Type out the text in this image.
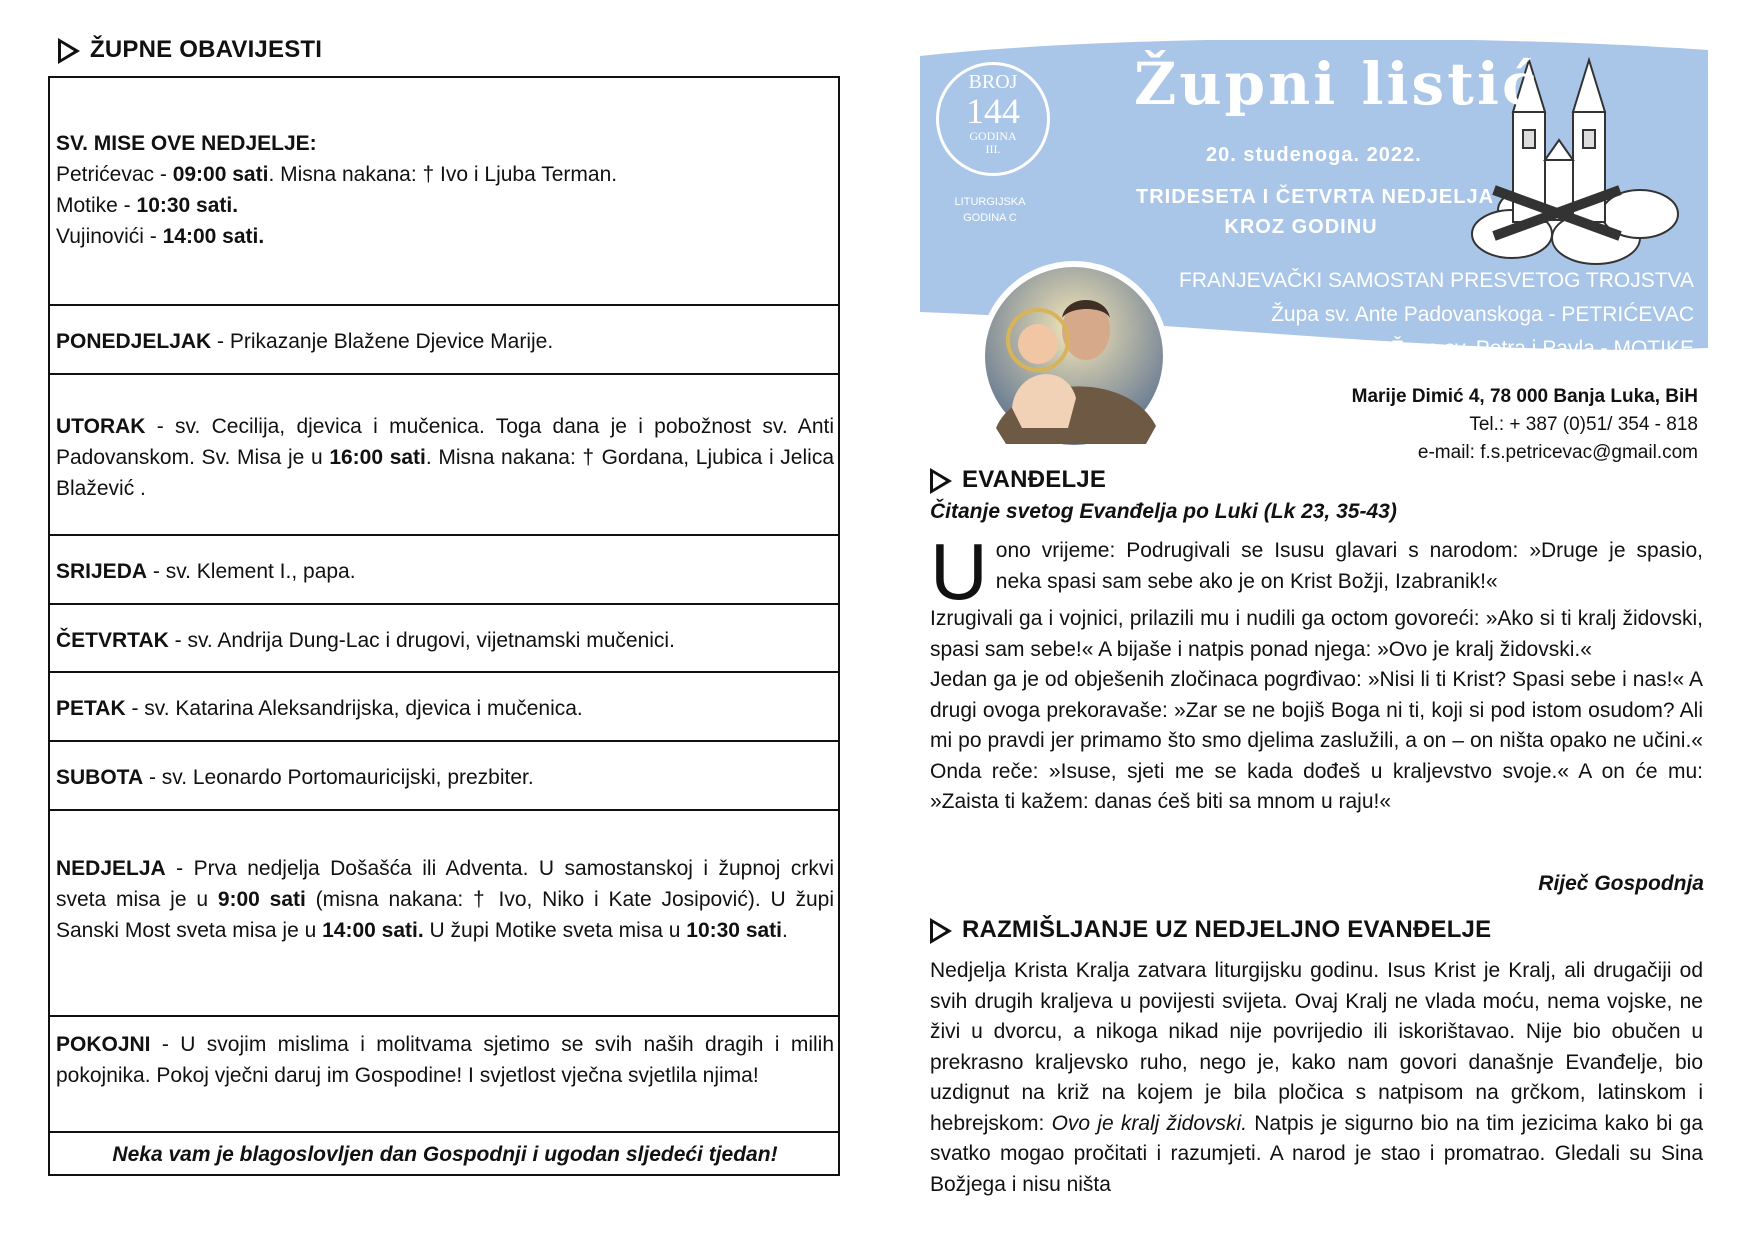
ŽUPNE OBAVIJESTI
SV. MISE OVE NEDJELJE:
Petrićevac - 09:00 sati. Misna nakana: † Ivo i Ljuba Terman.
Motike - 10:30 sati.
Vujinovići - 14:00 sati.
PONEDJELJAK - Prikazanje Blažene Djevice Marije.
UTORAK - sv. Cecilija, djevica i mučenica. Toga dana je i pobožnost sv. Anti Padovanskom. Sv. Misa je u 16:00 sati. Misna nakana: † Gordana, Ljubica i Jelica Blažević .
SRIJEDA - sv. Klement I., papa.
ČETVRTAK - sv. Andrija Dung-Lac i drugovi, vijetnamski mučenici.
PETAK - sv. Katarina Aleksandrijska, djevica i mučenica.
SUBOTA - sv. Leonardo Portomauricijski, prezbiter.
NEDJELJA - Prva nedjelja Došašća ili Adventa. U samostanskoj i župnoj crkvi sveta misa je u 9:00 sati (misna nakana: † Ivo, Niko i Kate Josipović). U župi Sanski Most sveta misa je u 14:00 sati. U župi Motike sveta misa u 10:30 sati.
POKOJNI - U svojim mislima i molitvama sjetimo se svih naših dragih i milih pokojnika. Pokoj vječni daruj im Gospodine! I svjetlost vječna svjetlila njima!
Neka vam je blagoslovljen dan Gospodnji i ugodan sljedeći tjedan!
BROJ
144
GODINA
III.
LITURGIJSKA
GODINA C
Župni listić
20. studenoga. 2022.
TRIDESETA I ČETVRTA NEDJELJA
KROZ GODINU
FRANJEVAČKI SAMOSTAN PRESVETOG TROJSTVA
Župa sv. Ante Padovanskoga - PETRIĆEVAC
Župa sv. Petra i Pavla - MOTIKE
Marije Dimić 4, 78 000 Banja Luka, BiH
Tel.: + 387 (0)51/ 354 - 818
e-mail: f.s.petricevac@gmail.com
EVANĐELJE
Čitanje svetog Evanđelja po Luki (Lk 23, 35-43)
Uono vrijeme: Podrugivali se Isusu glavari s narodom: »Druge je spasio, neka spasi sam sebe ako je on Krist Božji, Izabranik!«
Izrugivali ga i vojnici, prilazili mu i nudili ga octom govoreći: »Ako si ti kralj židovski, spasi sam sebe!« A bijaše i natpis ponad njega: »Ovo je kralj židovski.«
Jedan ga je od obješenih zločinaca pogrđivao: »Nisi li ti Krist? Spasi sebe i nas!« A drugi ovoga prekoravaše: »Zar se ne bojiš Boga ni ti, koji si pod istom osudom? Ali mi po pravdi jer primamo što smo djelima zaslužili, a on – on ništa opako ne učini.« Onda reče: »Isuse, sjeti me se kada dođeš u kraljevstvo svoje.« A on će mu: »Zaista ti kažem: danas ćeš biti sa mnom u raju!«
Riječ Gospodnja
RAZMIŠLJANJE UZ NEDJELJNO EVANĐELJE
Nedjelja Krista Kralja zatvara liturgijsku godinu. Isus Krist je Kralj, ali drugačiji od svih drugih kraljeva u povijesti svijeta. Ovaj Kralj ne vlada moću, nema vojske, ne živi u dvorcu, a nikoga nikad nije povrijedio ili iskorištavao. Nije bio obučen u prekrasno kraljevsko ruho, nego je, kako nam govori današnje Evanđelje, bio uzdignut na križ na kojem je bila pločica s natpisom na grčkom, latinskom i hebrejskom: Ovo je kralj židovski. Natpis je sigurno bio na tim jezicima kako bi ga svatko mogao pročitati i razumjeti. A narod je stao i promatrao. Gledali su Sina Božjega i nisu ništa
